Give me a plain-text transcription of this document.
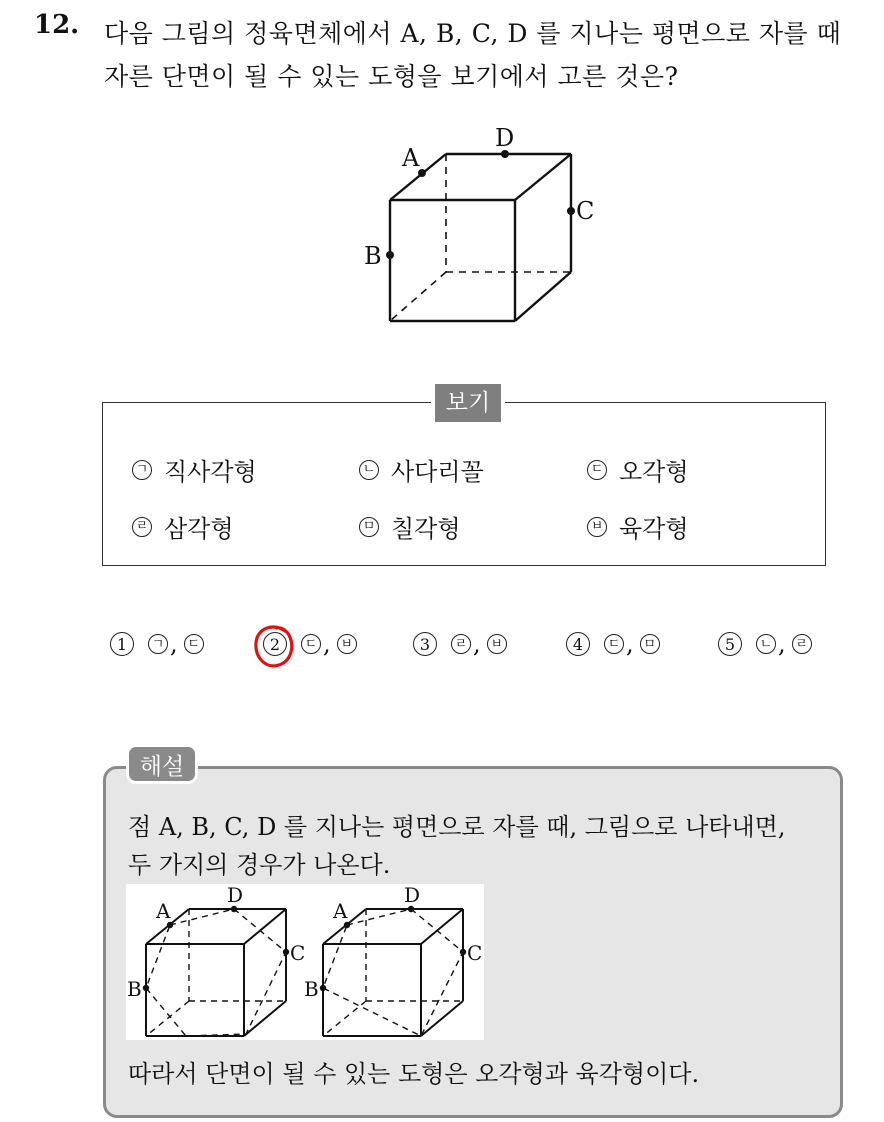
12. 다음 그림의 정육면체에서 A, B, C, D 를 지나는 평면으로 자를 때
자른 단면이 될 수 있는 도형을 보기에서 고른 것은?
A
D
C
B
보기
ㄱ 직사각형	ㄴ 사다리꼴	ㄷ 오각형
ㄹ 삼각형	ㅁ 칠각형	ㅂ 육각형
1	ㄱ , ㄷ	2	ㄷ , ㅂ	3	ㄹ , ㅂ	4	ㄷ , ㅁ	5	ㄴ , ㄹ
해설
점 A, B, C, D 를 지나는 평면으로 자를 때, 그림으로 나타내면,
두 가지의 경우가 나온다.
A
D
C
B
A
D
C
B
따라서 단면이 될 수 있는 도형은 오각형과 육각형이다.
